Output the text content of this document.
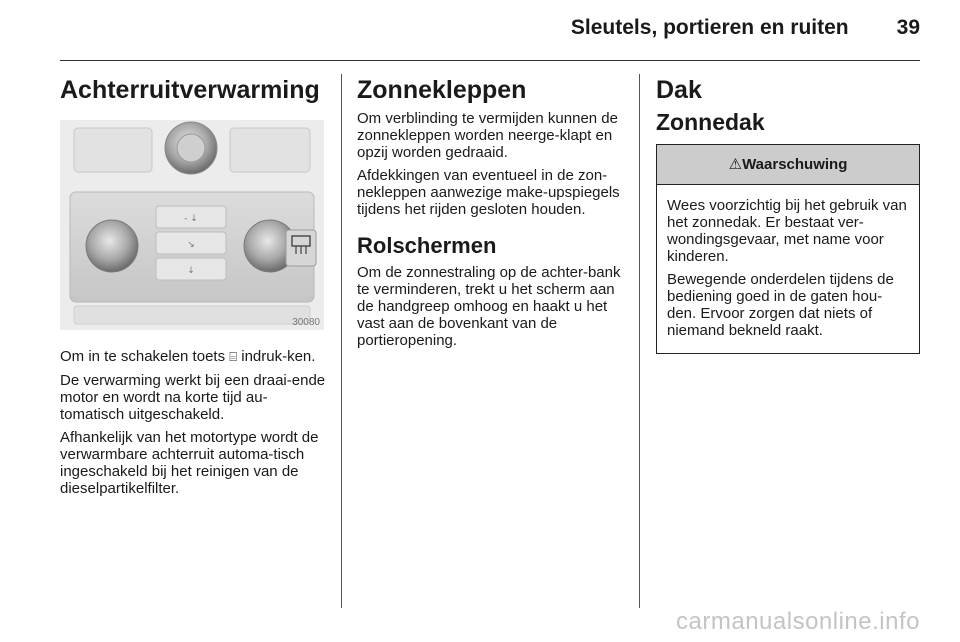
Sleutels, portieren en ruiten 39
Achterruitverwarming
- ↓
↘
↓
30080

Om in te schakelen toets ⌸ indruk-ken.

De verwarming werkt bij een draai-ende motor en wordt na korte tijd au-tomatisch uitgeschakeld.

Afhankelijk van het motortype wordt de verwarmbare achterruit automa-tisch ingeschakeld bij het reinigen van de dieselpartikelfilter.

Zonnekleppen

Om verblinding te vermijden kunnen de zonnekleppen worden neerge-klapt en opzij worden gedraaid.

Afdekkingen van eventueel in de zon-nekleppen aanwezige make-upspiegels tijdens het rijden gesloten houden.

Rolschermen

Om de zonnestraling op de achter-bank te verminderen, trekt u het scherm aan de handgreep omhoog en haakt u het vast aan de bovenkant van de portieropening.

Dak
Zonnedak
⚠Waarschuwing

Wees voorzichtig bij het gebruik van het zonnedak. Er bestaat ver-wondingsgevaar, met name voor kinderen.

Bewegende onderdelen tijdens de bediening goed in de gaten hou-den. Ervoor zorgen dat niets of niemand bekneld raakt.

carmanualsonline.info
